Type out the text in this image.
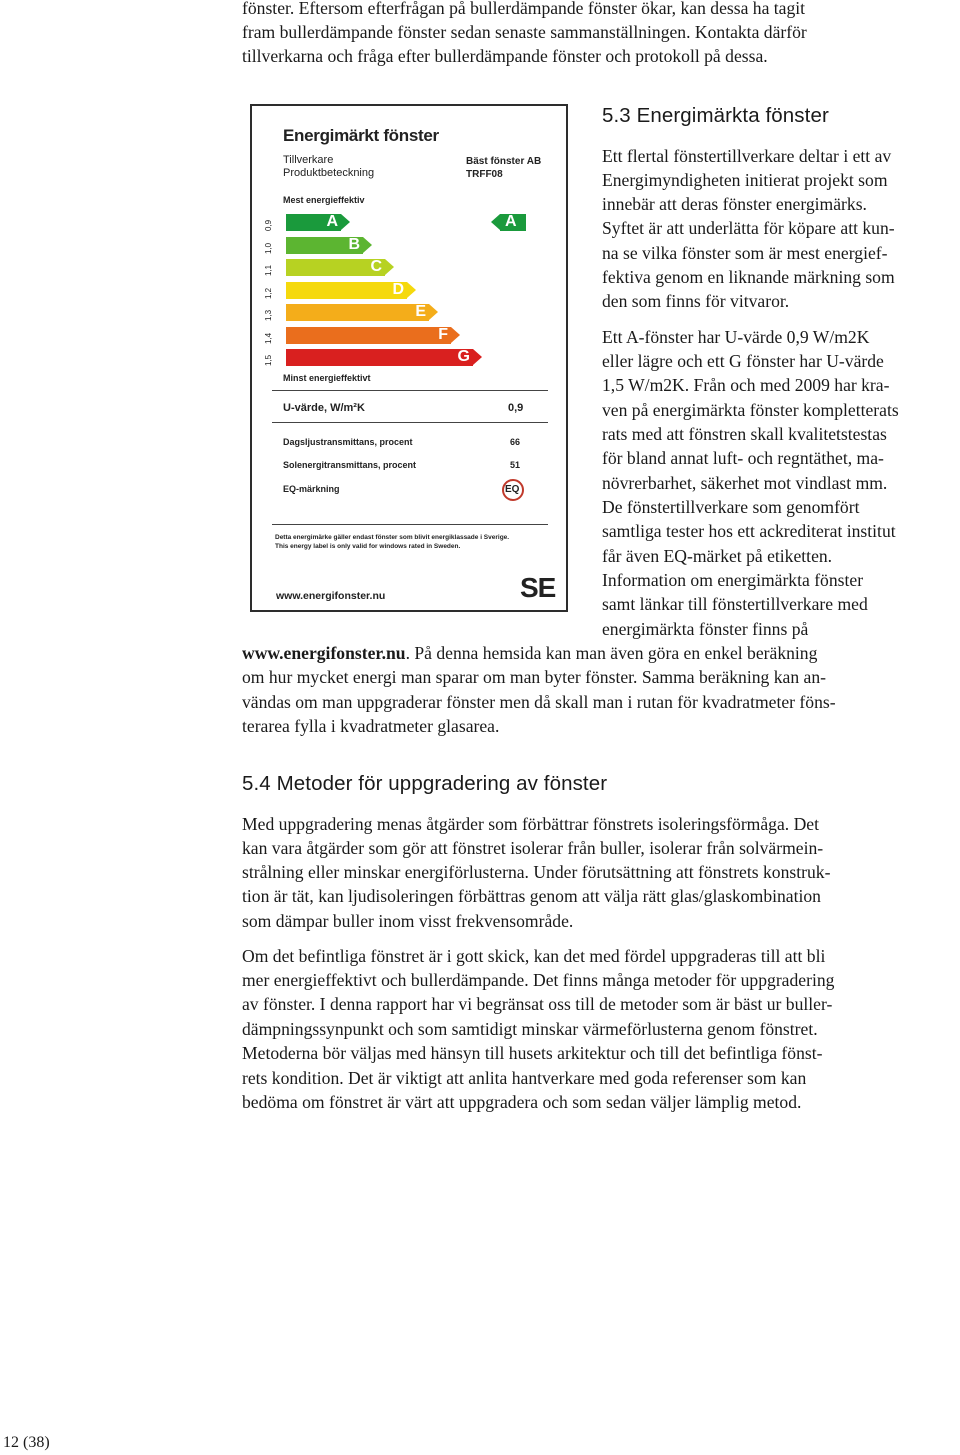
fönster. Eftersom efterfrågan på bullerdämpande fönster ökar, kan dessa ha tagit
fram bullerdämpande fönster sedan senaste sammanställningen. Kontakta därför
tillverkarna och fråga efter bullerdämpande fönster och protokoll på dessa.
Energimärkt fönster
Tillverkare
Produktbeteckning
Bäst fönster AB
TRFF08
Mest energieffektiv
0,9
1,0
1,1
1,2
1,3
1,4
1,5
A
B
C
D
E
F
G
A
Minst energieffektivt
U-värde, W/m²K	0,9
Dagsljustransmittans, procent	66
Solenergitransmittans, procent	51
EQ-märkning	EQ
Detta energimärke gäller endast fönster som blivit energiklassade i Sverige.
This energy label is only valid for windows rated in Sweden.
www.energifonster.nu	SE
5.3 Energimärkta fönster
Ett flertal fönstertillverkare deltar i ett av
Energimyndigheten initierat projekt som
innebär att deras fönster energimärks.
Syftet är att underlätta för köpare att kun-
na se vilka fönster som är mest energief-
fektiva genom en liknande märkning som
den som finns för vitvaror.
Ett A-fönster har U-värde 0,9 W/m2K
eller lägre och ett G fönster har U-värde
1,5 W/m2K. Från och med 2009 har kra-
ven på energimärkta fönster kompletterats
rats med att fönstren skall kvalitetstestas
för bland annat luft- och regntäthet, ma-
növrerbarhet, säkerhet mot vindlast mm.
De fönstertillverkare som genomfört
samtliga tester hos ett ackrediterat institut
får även EQ-märket på etiketten.
Information om energimärkta fönster
samt länkar till fönstertillverkare med
energimärkta fönster finns på
www.energifonster.nu. På denna hemsida kan man även göra en enkel beräkning
om hur mycket energi man sparar om man byter fönster. Samma beräkning kan an-
vändas om man uppgraderar fönster men då skall man i rutan för kvadratmeter föns-
terarea fylla i kvadratmeter glasarea.
5.4 Metoder för uppgradering av fönster
Med uppgradering menas åtgärder som förbättrar fönstrets isoleringsförmåga. Det
kan vara åtgärder som gör att fönstret isolerar från buller, isolerar från solvärmein-
strålning eller minskar energiförlusterna. Under förutsättning att fönstrets konstruk-
tion är tät, kan ljudisoleringen förbättras genom att välja rätt glas/glaskombination
som dämpar buller inom visst frekvensområde.
Om det befintliga fönstret är i gott skick, kan det med fördel uppgraderas till att bli
mer energieffektivt och bullerdämpande. Det finns många metoder för uppgradering
av fönster. I denna rapport har vi begränsat oss till de metoder som är bäst ur buller-
dämpningssynpunkt och som samtidigt minskar värmeförlusterna genom fönstret.
Metoderna bör väljas med hänsyn till husets arkitektur och till det befintliga fönst-
rets kondition. Det är viktigt att anlita hantverkare med goda referenser som kan
bedöma om fönstret är värt att uppgradera och som sedan väljer lämplig metod.
12 (38)
